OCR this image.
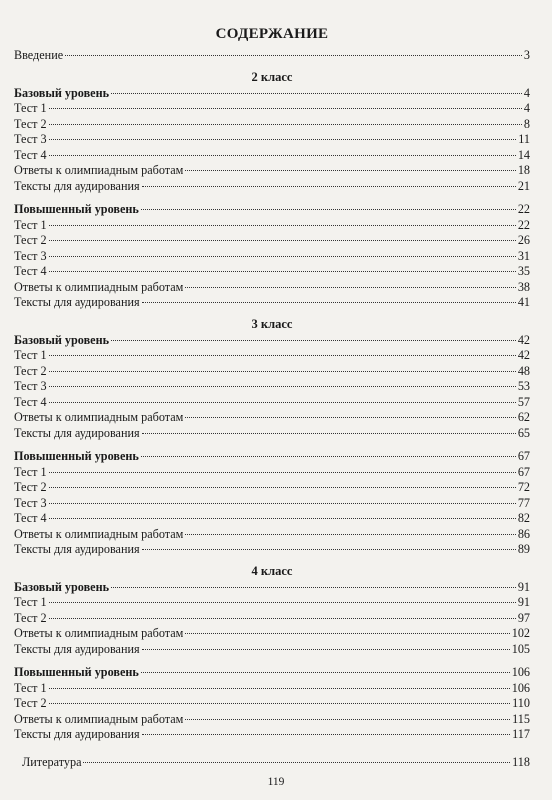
СОДЕРЖАНИЕ
Введение	3
2 класс
Базовый уровень	4
Тест 1	4
Тест 2	8
Тест 3	11
Тест 4	14
Ответы к олимпиадным работам	18
Тексты для аудирования	21
Повышенный уровень	22
Тест 1	22
Тест 2	26
Тест 3	31
Тест 4	35
Ответы к олимпиадным работам	38
Тексты для аудирования	41
3 класс
Базовый уровень	42
Тест 1	42
Тест 2	48
Тест 3	53
Тест 4	57
Ответы к олимпиадным работам	62
Тексты для аудирования	65
Повышенный уровень	67
Тест 1	67
Тест 2	72
Тест 3	77
Тест 4	82
Ответы к олимпиадным работам	86
Тексты для аудирования	89
4 класс
Базовый уровень	91
Тест 1	91
Тест 2	97
Ответы к олимпиадным работам	102
Тексты для аудирования	105
Повышенный уровень	106
Тест 1	106
Тест 2	110
Ответы к олимпиадным работам	115
Тексты для аудирования	117
Литература	118
119
